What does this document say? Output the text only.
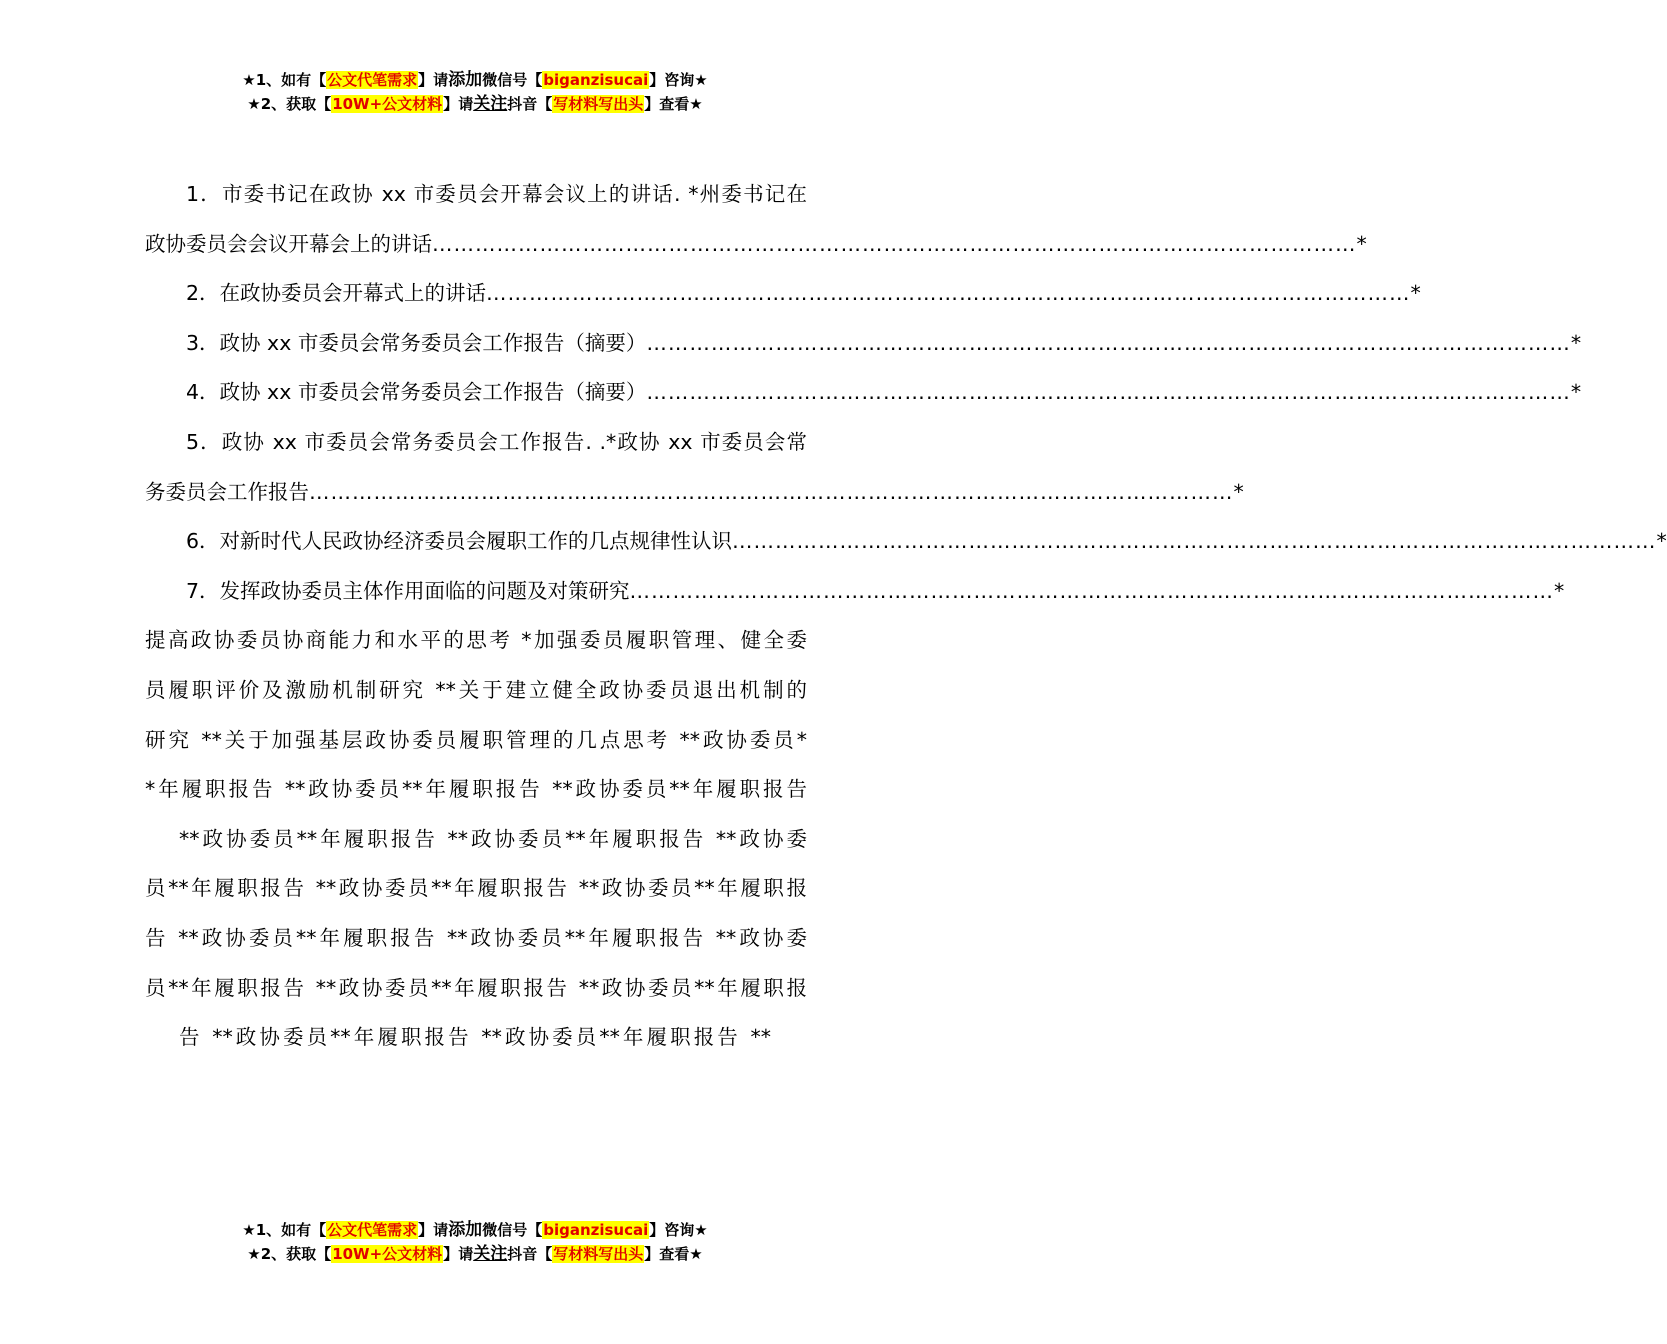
★1、如有【公文代笔需求】请添加微信号【biganzisucai】咨询★
★2、获取【10W+公文材料】请关注抖音【写材料写出头】查看★

1．市委书记在政协 xx 市委员会开幕会议上的讲话. *州委书记在

政协委员会会议开幕会上的讲话 ………………………………………………………………………………………………………………… *

2．在政协委员会开幕式上的讲话 ………………………………………………………………………………………………………………… *

3．政协 xx 市委员会常务委员会工作报告（摘要） ………………………………………………………………………………………………………………… *

4．政协 xx 市委员会常务委员会工作报告（摘要） ………………………………………………………………………………………………………………… *

5．政协 xx 市委员会常务委员会工作报告. .*政协 xx 市委员会常

务委员会工作报告 ………………………………………………………………………………………………………………… *

6．对新时代人民政协经济委员会履职工作的几点规律性认识 ………………………………………………………………………………………………………………… *

7．发挥政协委员主体作用面临的问题及对策研究 ………………………………………………………………………………………………………………… *

提高政协委员协商能力和水平的思考 *加强委员履职管理、健全委

员履职评价及激励机制研究 **关于建立健全政协委员退出机制的

研究 **关于加强基层政协委员履职管理的几点思考 **政协委员*

*年履职报告 **政协委员**年履职报告 **政协委员**年履职报告

**政协委员**年履职报告 **政协委员**年履职报告 **政协委

员**年履职报告 **政协委员**年履职报告 **政协委员**年履职报

告 **政协委员**年履职报告 **政协委员**年履职报告 **政协委

员**年履职报告 **政协委员**年履职报告 **政协委员**年履职报

告 **政协委员**年履职报告 **政协委员**年履职报告 **

★1、如有【公文代笔需求】请添加微信号【biganzisucai】咨询★
★2、获取【10W+公文材料】请关注抖音【写材料写出头】查看★
